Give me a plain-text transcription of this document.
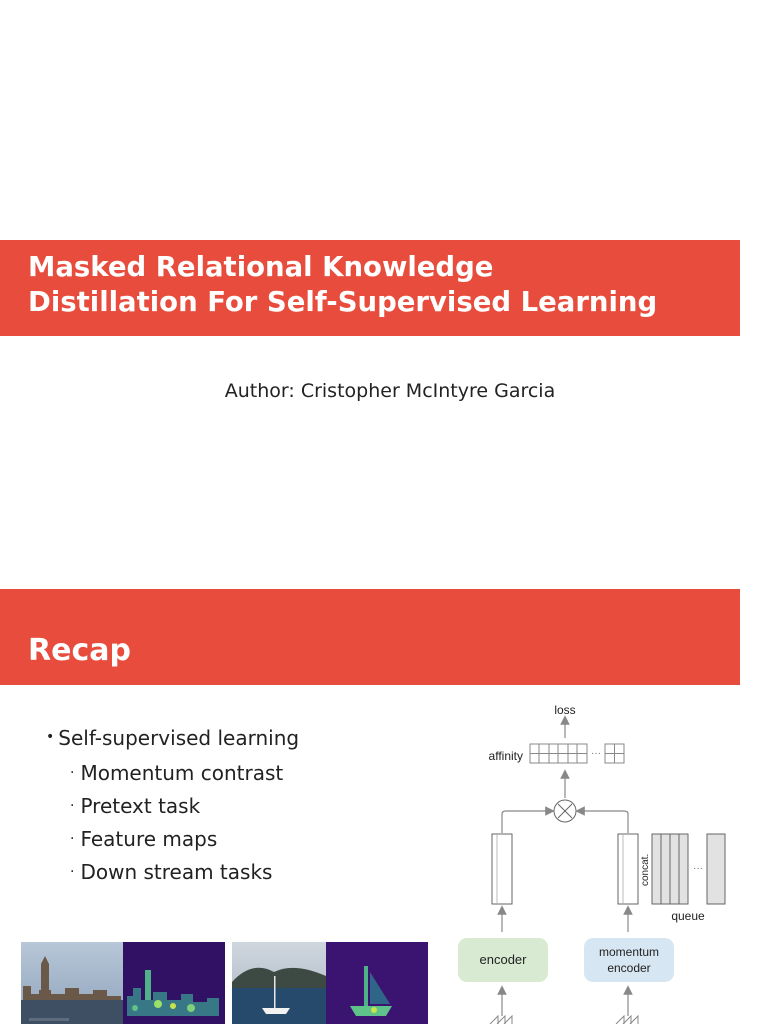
Masked Relational Knowledge
Distillation For Self-Supervised Learning
Author: Cristopher McIntyre Garcia
Recap
• Self-supervised learning
· Momentum contrast
· Pretext task
· Feature maps
· Down stream tasks
loss
affinity	···
concat.	···
queue
encoder	momentum
encoder
